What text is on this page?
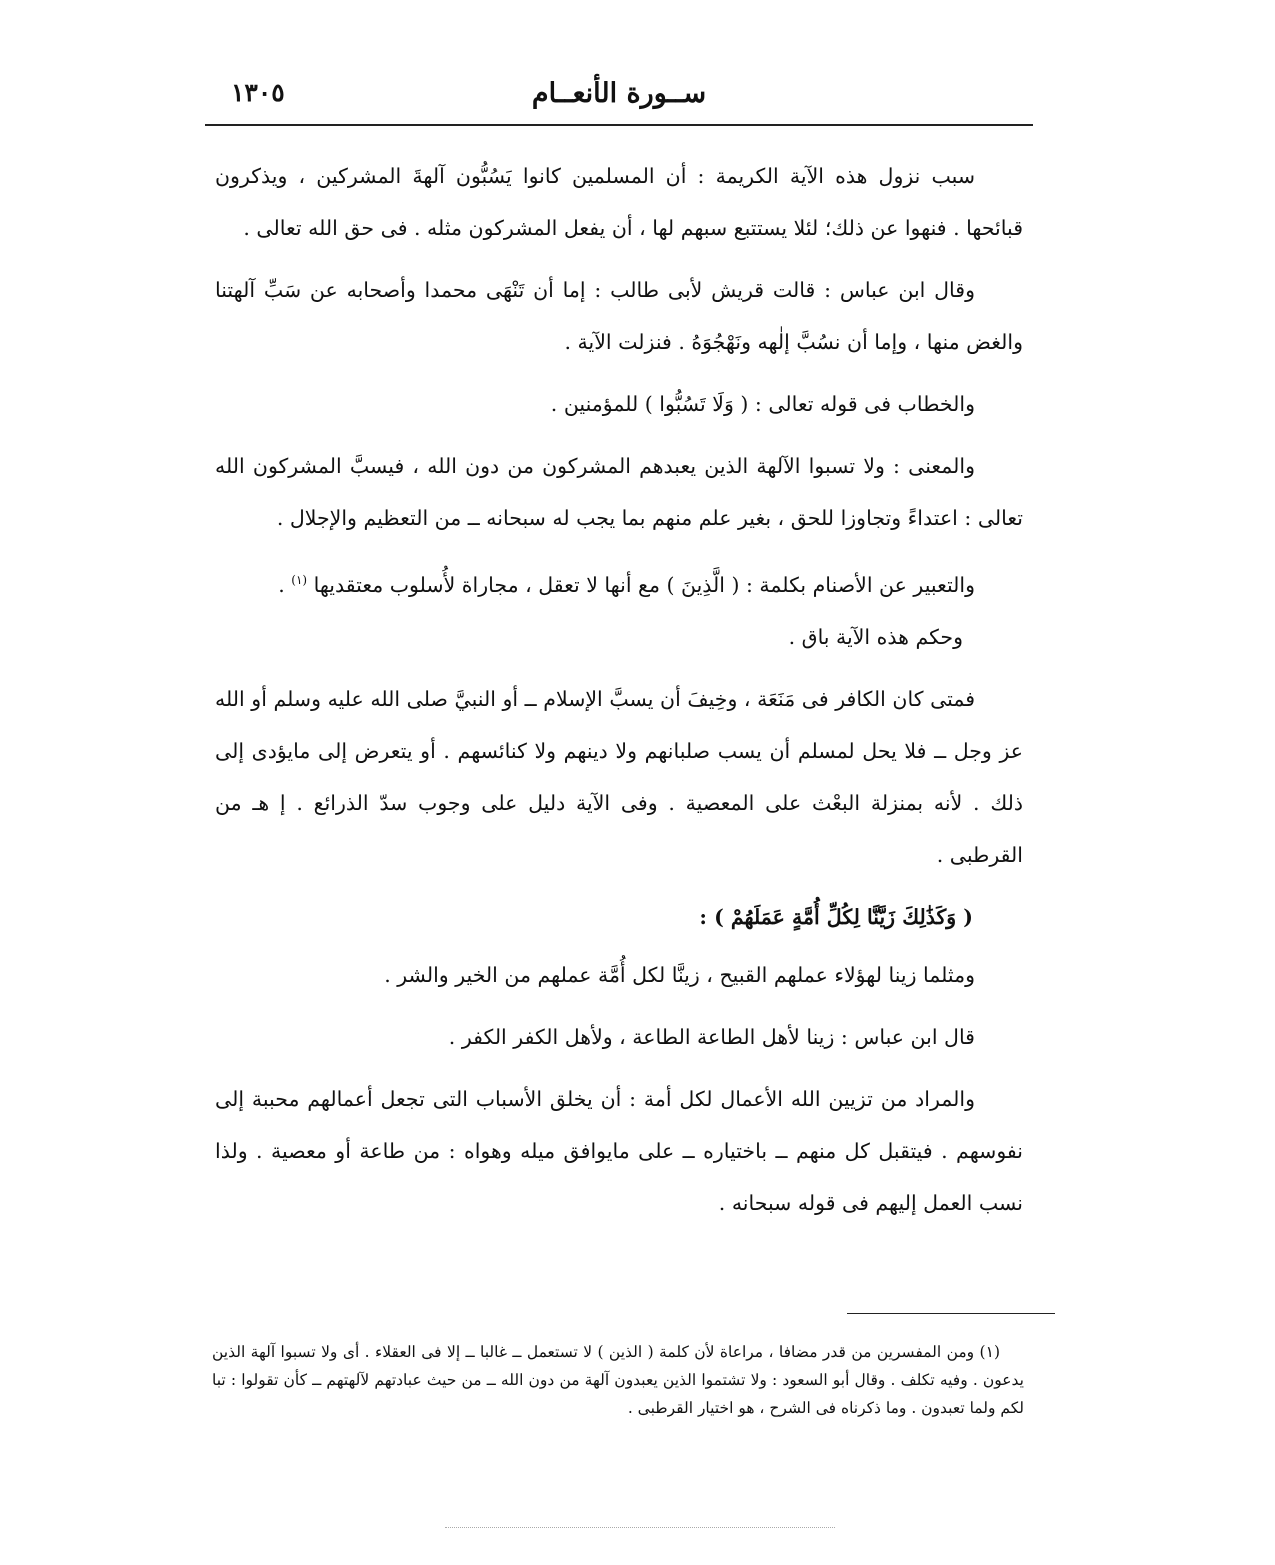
ســورة الأنعــام
١٣٠٥

سبب نزول هذه الآية الكريمة : أن المسلمين كانوا يَسُبُّون آلهةَ المشركين ، ويذكرون قبائحها . فنهوا عن ذلك؛ لئلا يستتبع سبهم لها ، أن يفعل المشركون مثله . فى حق الله تعالى .

وقال ابن عباس : قالت قريش لأبى طالب : إما أن تَنْهَى محمدا وأصحابه عن سَبِّ آلهتنا والغض منها ، وإما أن نسُبَّ إلٰهه ونَهْجُوَهُ . فنزلت الآية .

والخطاب فى قوله تعالى : ( وَلَا تَسُبُّوا ) للمؤمنين .

والمعنى : ولا تسبوا الآلهة الذين يعبدهم المشركون من دون الله ، فيسبَّ المشركون الله تعالى : اعتداءً وتجاوزا للحق ، بغير علم منهم بما يجب له سبحانه ــ من التعظيم والإجلال .

والتعبير عن الأصنام بكلمة : ( الَّذِينَ ) مع أنها لا تعقل ، مجاراة لأُسلوب معتقديها $^{(١)}$ .

وحكم هذه الآية باق .

فمتى كان الكافر فى مَنَعَة ، وخِيفَ أن يسبَّ الإسلام ــ أو النبيَّ صلى الله عليه وسلم أو الله عز وجل ــ فلا يحل لمسلم أن يسب صلبانهم ولا دينهم ولا كنائسهم . أو يتعرض إلى مايؤدى إلى ذلك . لأنه بمنزلة البعْث على المعصية . وفى الآية دليل على وجوب سدّ الذرائع . إ هـ من القرطبى .

( وَكَذَٰلِكَ زَيَّنَّا لِكُلِّ أُمَّةٍ عَمَلَهُمْ ) :

ومثلما زينا لهؤلاء عملهم القبيح ، زينَّا لكل أُمَّة عملهم من الخير والشر .

قال ابن عباس : زينا لأهل الطاعة الطاعة ، ولأهل الكفر الكفر .

والمراد من تزيين الله الأعمال لكل أمة : أن يخلق الأسباب التى تجعل أعمالهم محببة إلى نفوسهم . فيتقبل كل منهم ــ باختياره ــ على مايوافق ميله وهواه : من طاعة أو معصية . ولذا نسب العمل إليهم فى قوله سبحانه .

(١) ومن المفسرين من قدر مضافا ، مراعاة لأن كلمة ( الذين ) لا تستعمل ــ غالبا ــ إلا فى العقلاء . أى ولا تسبوا آلهة الذين يدعون . وفيه تكلف . وقال أبو السعود : ولا تشتموا الذين يعبدون آلهة من دون الله ــ من حيث عبادتهم لآلهتهم ــ كأن تقولوا : تبا لكم ولما تعبدون . وما ذكرناه فى الشرح ، هو اختيار القرطبى .
